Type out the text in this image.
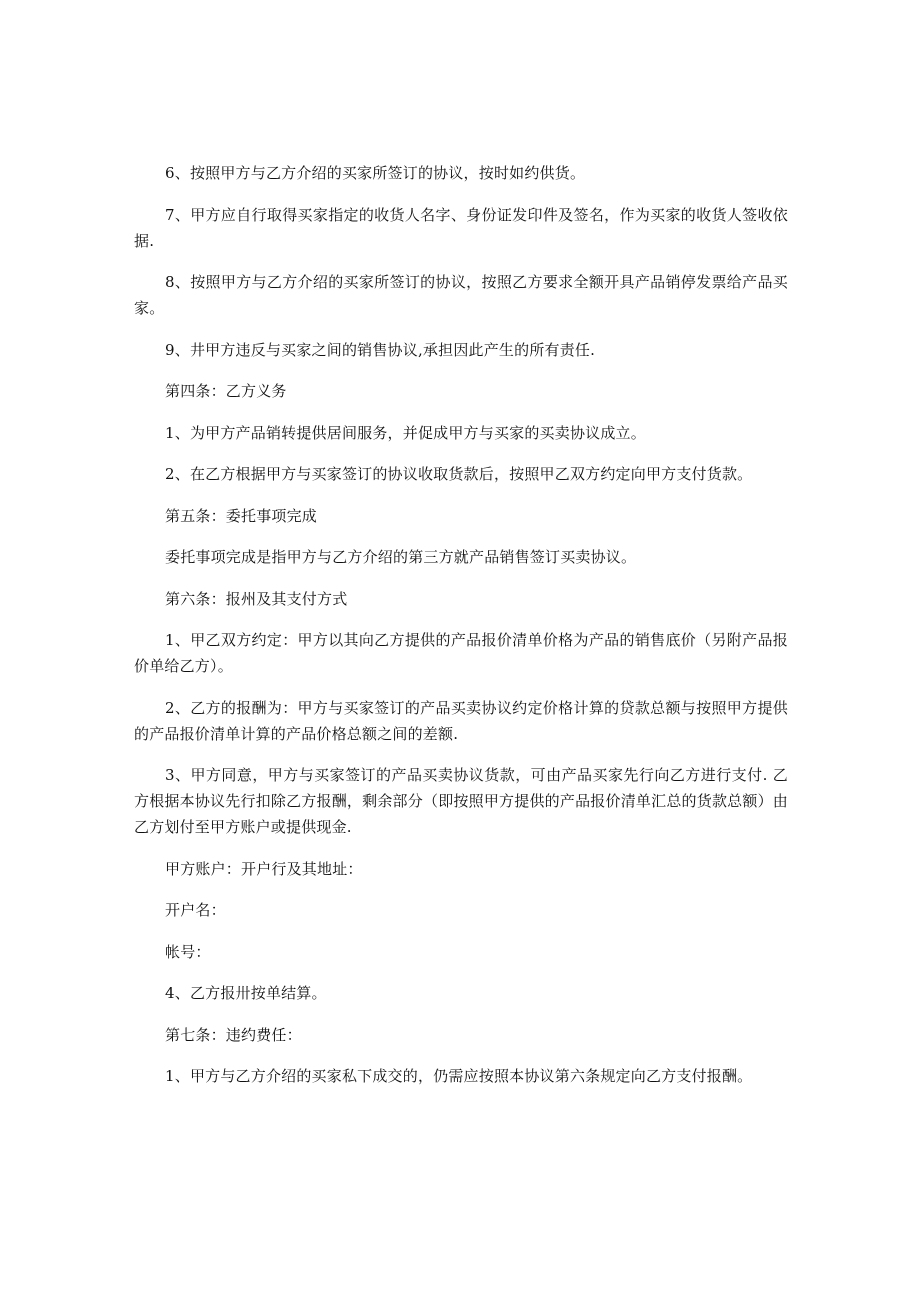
6、按照甲方与乙方介绍的买家所签订的协议，按时如约供货。

7、甲方应自行取得买家指定的收货人名字、身份证发印件及签名，作为买家的收货人签收依据.

8、按照甲方与乙方介绍的买家所签订的协议，按照乙方要求全额开具产品销停发票给产品买家。

9、井甲方违反与买家之间的销售协议,承担因此产生的所有责任.

第四条：乙方义务

1、为甲方产品销转提供居间服务，并促成甲方与买家的买卖协议成立。

2、在乙方根据甲方与买家签订的协议收取货款后，按照甲乙双方约定向甲方支付货款。

第五条：委托事项完成

委托事项完成是指甲方与乙方介绍的第三方就产品销售签订买卖协议。

第六条：报州及其支付方式

1、甲乙双方约定：甲方以其向乙方提供的产品报价清单价格为产品的销售底价（另附产品报价单给乙方）。

2、乙方的报酬为：甲方与买家签订的产品买卖协议约定价格计算的贷款总额与按照甲方提供的产品报价清单计算的产品价格总额之间的差额.

3、甲方同意，甲方与买家签订的产品买卖协议货款，可由产品买家先行向乙方进行支付. 乙方根据本协议先行扣除乙方报酬，剩余部分（即按照甲方提供的产品报价清单汇总的货款总额）由乙方划付至甲方账户或提供现金.

甲方账户：开户行及其地址：

开户名：

帐号：

4、乙方报卅按单结算。

第七条：违约费任：

1、甲方与乙方介绍的买家私下成交的，仍需应按照本协议第六条规定向乙方支付报酬。
